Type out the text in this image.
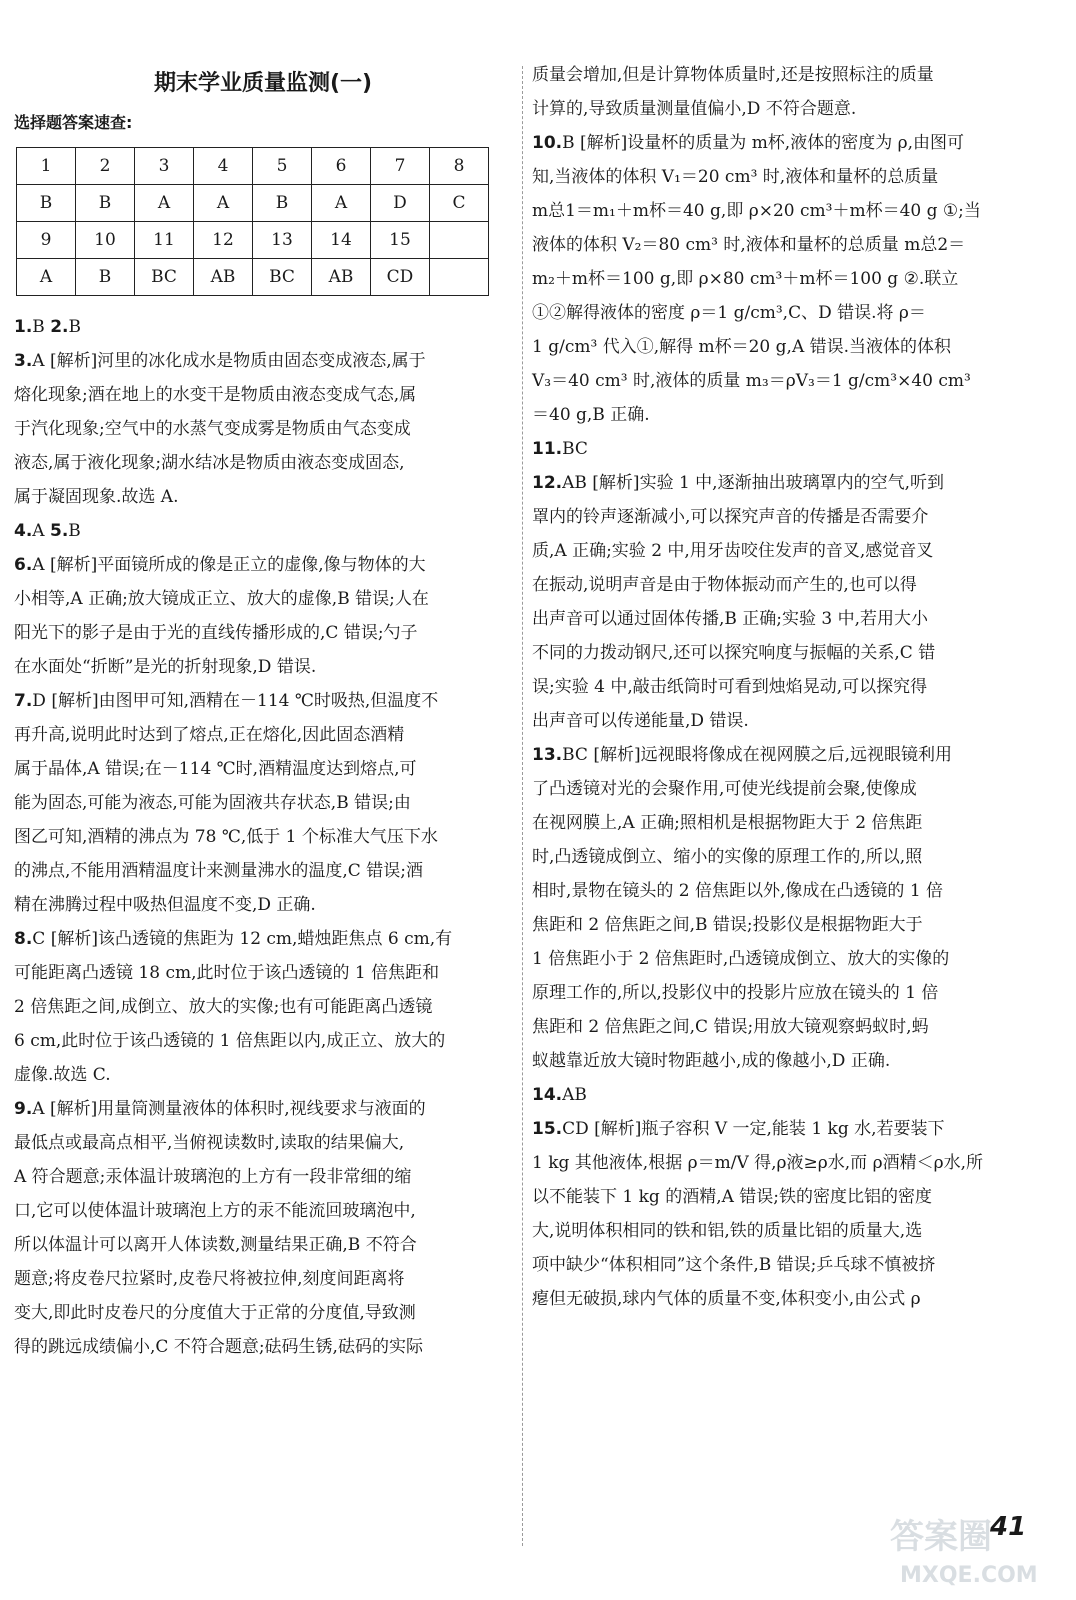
期末学业质量监测(一)
选择题答案速查:
1	2	3	4	5	6	7	8
B	B	A	A	B	A	D	C
9	10	11	12	13	14	15	
A	B	BC	AB	BC	AB	CD	
1.B 2.B
3.A [解析]河里的冰化成水是物质由固态变成液态,属于
熔化现象;酒在地上的水变干是物质由液态变成气态,属
于汽化现象;空气中的水蒸气变成雾是物质由气态变成
液态,属于液化现象;湖水结冰是物质由液态变成固态,
属于凝固现象.故选 A.
4.A 5.B
6.A [解析]平面镜所成的像是正立的虚像,像与物体的大
小相等,A 正确;放大镜成正立、放大的虚像,B 错误;人在
阳光下的影子是由于光的直线传播形成的,C 错误;勺子
在水面处“折断”是光的折射现象,D 错误.
7.D [解析]由图甲可知,酒精在－114 ℃时吸热,但温度不
再升高,说明此时达到了熔点,正在熔化,因此固态酒精
属于晶体,A 错误;在－114 ℃时,酒精温度达到熔点,可
能为固态,可能为液态,可能为固液共存状态,B 错误;由
图乙可知,酒精的沸点为 78 ℃,低于 1 个标准大气压下水
的沸点,不能用酒精温度计来测量沸水的温度,C 错误;酒
精在沸腾过程中吸热但温度不变,D 正确.
8.C [解析]该凸透镜的焦距为 12 cm,蜡烛距焦点 6 cm,有
可能距离凸透镜 18 cm,此时位于该凸透镜的 1 倍焦距和
2 倍焦距之间,成倒立、放大的实像;也有可能距离凸透镜
6 cm,此时位于该凸透镜的 1 倍焦距以内,成正立、放大的
虚像.故选 C.
9.A [解析]用量筒测量液体的体积时,视线要求与液面的
最低点或最高点相平,当俯视读数时,读取的结果偏大,
A 符合题意;汞体温计玻璃泡的上方有一段非常细的缩
口,它可以使体温计玻璃泡上方的汞不能流回玻璃泡中,
所以体温计可以离开人体读数,测量结果正确,B 不符合
题意;将皮卷尺拉紧时,皮卷尺将被拉伸,刻度间距离将
变大,即此时皮卷尺的分度值大于正常的分度值,导致测
得的跳远成绩偏小,C 不符合题意;砝码生锈,砝码的实际
质量会增加,但是计算物体质量时,还是按照标注的质量
计算的,导致质量测量值偏小,D 不符合题意.
10.B [解析]设量杯的质量为 m杯,液体的密度为 ρ,由图可
知,当液体的体积 V₁＝20 cm³ 时,液体和量杯的总质量
m总1＝m₁＋m杯＝40 g,即 ρ×20 cm³＋m杯＝40 g ①;当
液体的体积 V₂＝80 cm³ 时,液体和量杯的总质量 m总2＝
m₂＋m杯＝100 g,即 ρ×80 cm³＋m杯＝100 g ②.联立
①②解得液体的密度 ρ＝1 g/cm³,C、D 错误.将 ρ＝
1 g/cm³ 代入①,解得 m杯＝20 g,A 错误.当液体的体积
V₃＝40 cm³ 时,液体的质量 m₃＝ρV₃＝1 g/cm³×40 cm³
＝40 g,B 正确.
11.BC
12.AB [解析]实验 1 中,逐渐抽出玻璃罩内的空气,听到
罩内的铃声逐渐减小,可以探究声音的传播是否需要介
质,A 正确;实验 2 中,用牙齿咬住发声的音叉,感觉音叉
在振动,说明声音是由于物体振动而产生的,也可以得
出声音可以通过固体传播,B 正确;实验 3 中,若用大小
不同的力拨动钢尺,还可以探究响度与振幅的关系,C 错
误;实验 4 中,敲击纸筒时可看到烛焰晃动,可以探究得
出声音可以传递能量,D 错误.
13.BC [解析]远视眼将像成在视网膜之后,远视眼镜利用
了凸透镜对光的会聚作用,可使光线提前会聚,使像成
在视网膜上,A 正确;照相机是根据物距大于 2 倍焦距
时,凸透镜成倒立、缩小的实像的原理工作的,所以,照
相时,景物在镜头的 2 倍焦距以外,像成在凸透镜的 1 倍
焦距和 2 倍焦距之间,B 错误;投影仪是根据物距大于
1 倍焦距小于 2 倍焦距时,凸透镜成倒立、放大的实像的
原理工作的,所以,投影仪中的投影片应放在镜头的 1 倍
焦距和 2 倍焦距之间,C 错误;用放大镜观察蚂蚁时,蚂
蚁越靠近放大镜时物距越小,成的像越小,D 正确.
14.AB
15.CD [解析]瓶子容积 V 一定,能装 1 kg 水,若要装下
1 kg 其他液体,根据 ρ＝m/V 得,ρ液≥ρ水,而 ρ酒精＜ρ水,所
以不能装下 1 kg 的酒精,A 错误;铁的密度比铝的密度
大,说明体积相同的铁和铝,铁的质量比铝的质量大,选
项中缺少“体积相同”这个条件,B 错误;乒乓球不慎被挤
瘪但无破损,球内气体的质量不变,体积变小,由公式 ρ
41
答案圈
MXQE.COM
